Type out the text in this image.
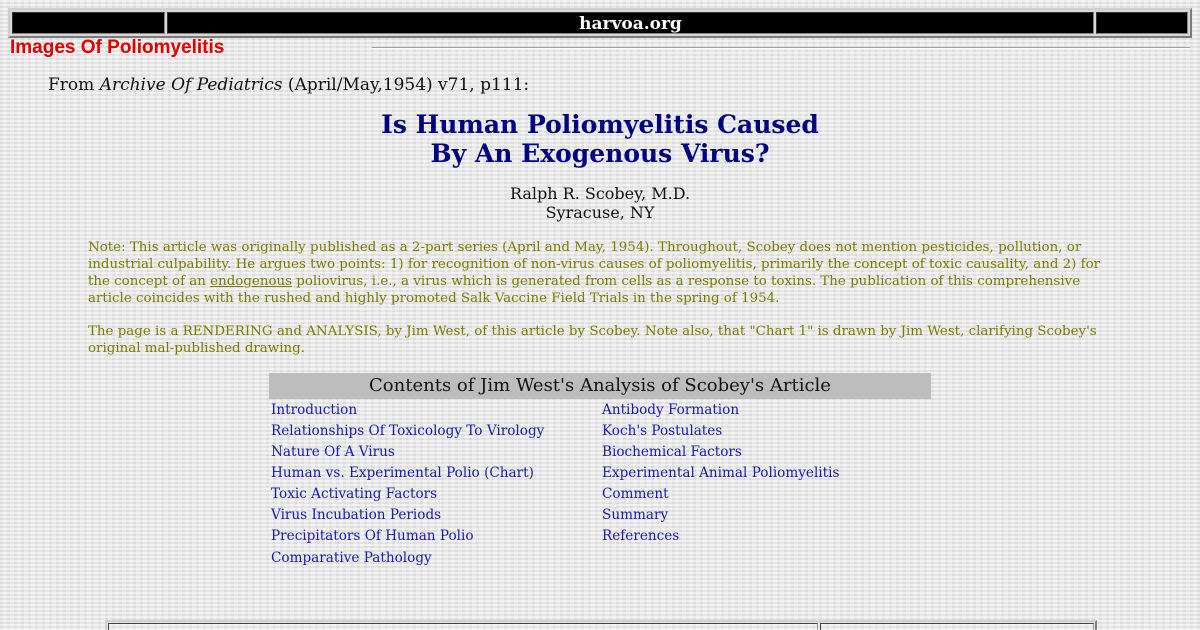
harvoa.org
Images Of Poliomyelitis
From Archive Of Pediatrics (April/May,1954) v71, p111:
Is Human Poliomyelitis Caused
By An Exogenous Virus?
Ralph R. Scobey, M.D.
Syracuse, NY
Note: This article was originally published as a 2-part series (April and May, 1954). Throughout, Scobey does not mention pesticides, pollution, or industrial culpability. He argues two points: 1) for recognition of non-virus causes of poliomyelitis, primarily the concept of toxic causality, and 2) for the concept of an endogenous poliovirus, i.e., a virus which is generated from cells as a response to toxins. The publication of this comprehensive article coincides with the rushed and highly promoted Salk Vaccine Field Trials in the spring of 1954.
The page is a RENDERING and ANALYSIS, by Jim West, of this article by Scobey. Note also, that "Chart 1" is drawn by Jim West, clarifying Scobey's original mal-published drawing.
Contents of Jim West's Analysis of Scobey's Article
Introduction
Relationships Of Toxicology To Virology
Nature Of A Virus
Human vs. Experimental Polio (Chart)
Toxic Activating Factors
Virus Incubation Periods
Precipitators Of Human Polio
Comparative Pathology
Antibody Formation
Koch's Postulates
Biochemical Factors
Experimental Animal Poliomyelitis
Comment
Summary
References
